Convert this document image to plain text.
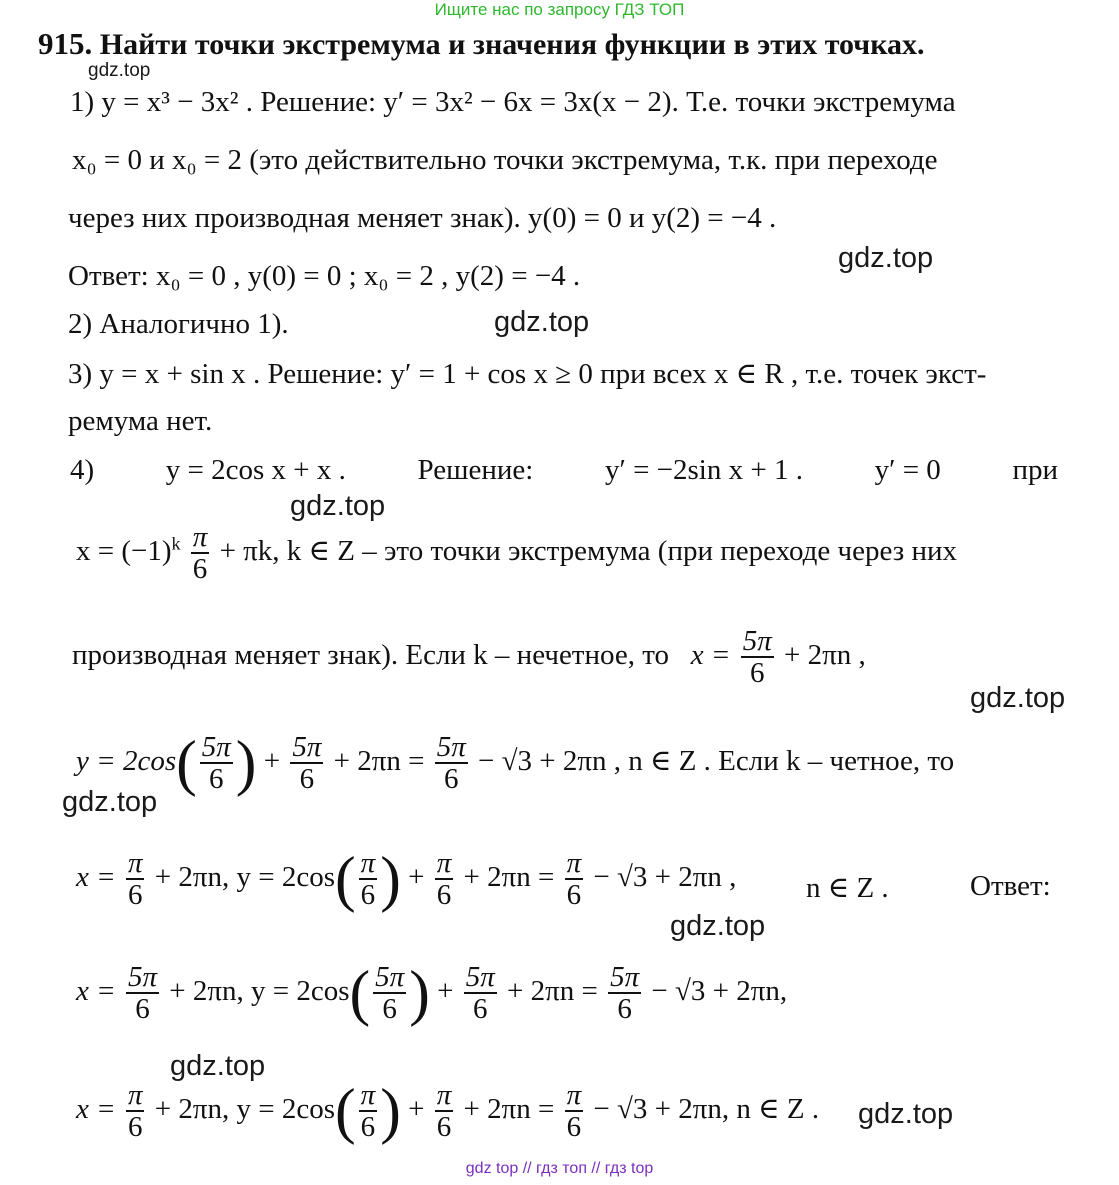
Ищите нас по запросу ГДЗ ТОП
915. Найти точки экстремума и значения функции в этих точках.
gdz.top
1) y = x³ − 3x² . Решение: y′ = 3x² − 6x = 3x(x − 2). Т.е. точки экстремума
x₀ = 0 и x₀ = 2 (это действительно точки экстремума, т.к. при переходе
через них производная меняет знак). y(0) = 0 и y(2) = −4 .
gdz.top
Ответ: x₀ = 0 , y(0) = 0 ; x₀ = 2 , y(2) = −4 .
2) Аналогично 1).	gdz.top
3) y = x + sin x . Решение: y′ = 1 + cos x ≥ 0 при всех x ∈ R , т.е. точек экст-
ремума нет.
4) y = 2cos x + x . Решение: y′ = −2sin x + 1 . y′ = 0 при
gdz.top
$x = (-1)^k \frac{\pi}{6} + \pi k$, k ∈ Z – это точки экстремума (при переходе через них
производная меняет знак). Если k – нечетное, то $x = \frac{5\pi}{6} + 2\pi n$ ,
gdz.top
$y = 2\cos( \frac{5\pi}{6}$ ) + $\frac{5\pi}{6} + 2\pi n = \frac{5\pi}{6} - √3 + 2\pi n$ , n ∈ Z . Если k – четное, то
gdz.top
$x = \frac{\pi}{6} + 2\pi n$, $y = 2\cos( \frac{\pi}{6}$ ) + $\frac{\pi}{6} + 2\pi n = \frac{\pi}{6} - √3 + 2\pi n$ , n ∈ Z .	Ответ:
gdz.top
$x = \frac{5\pi}{6} + 2\pi n$, $y = 2\cos( \frac{5\pi}{6}$ ) + $\frac{5\pi}{6} + 2\pi n = \frac{5\pi}{6} - √3 + 2\pi n$,
gdz.top
$x = \frac{\pi}{6} + 2\pi n$, $y = 2\cos( \frac{\pi}{6}$ ) + $\frac{\pi}{6} + 2\pi n = \frac{\pi}{6} - √3 + 2\pi n$, n ∈ Z . gdz.top
gdz top // гдз топ // гдз top
